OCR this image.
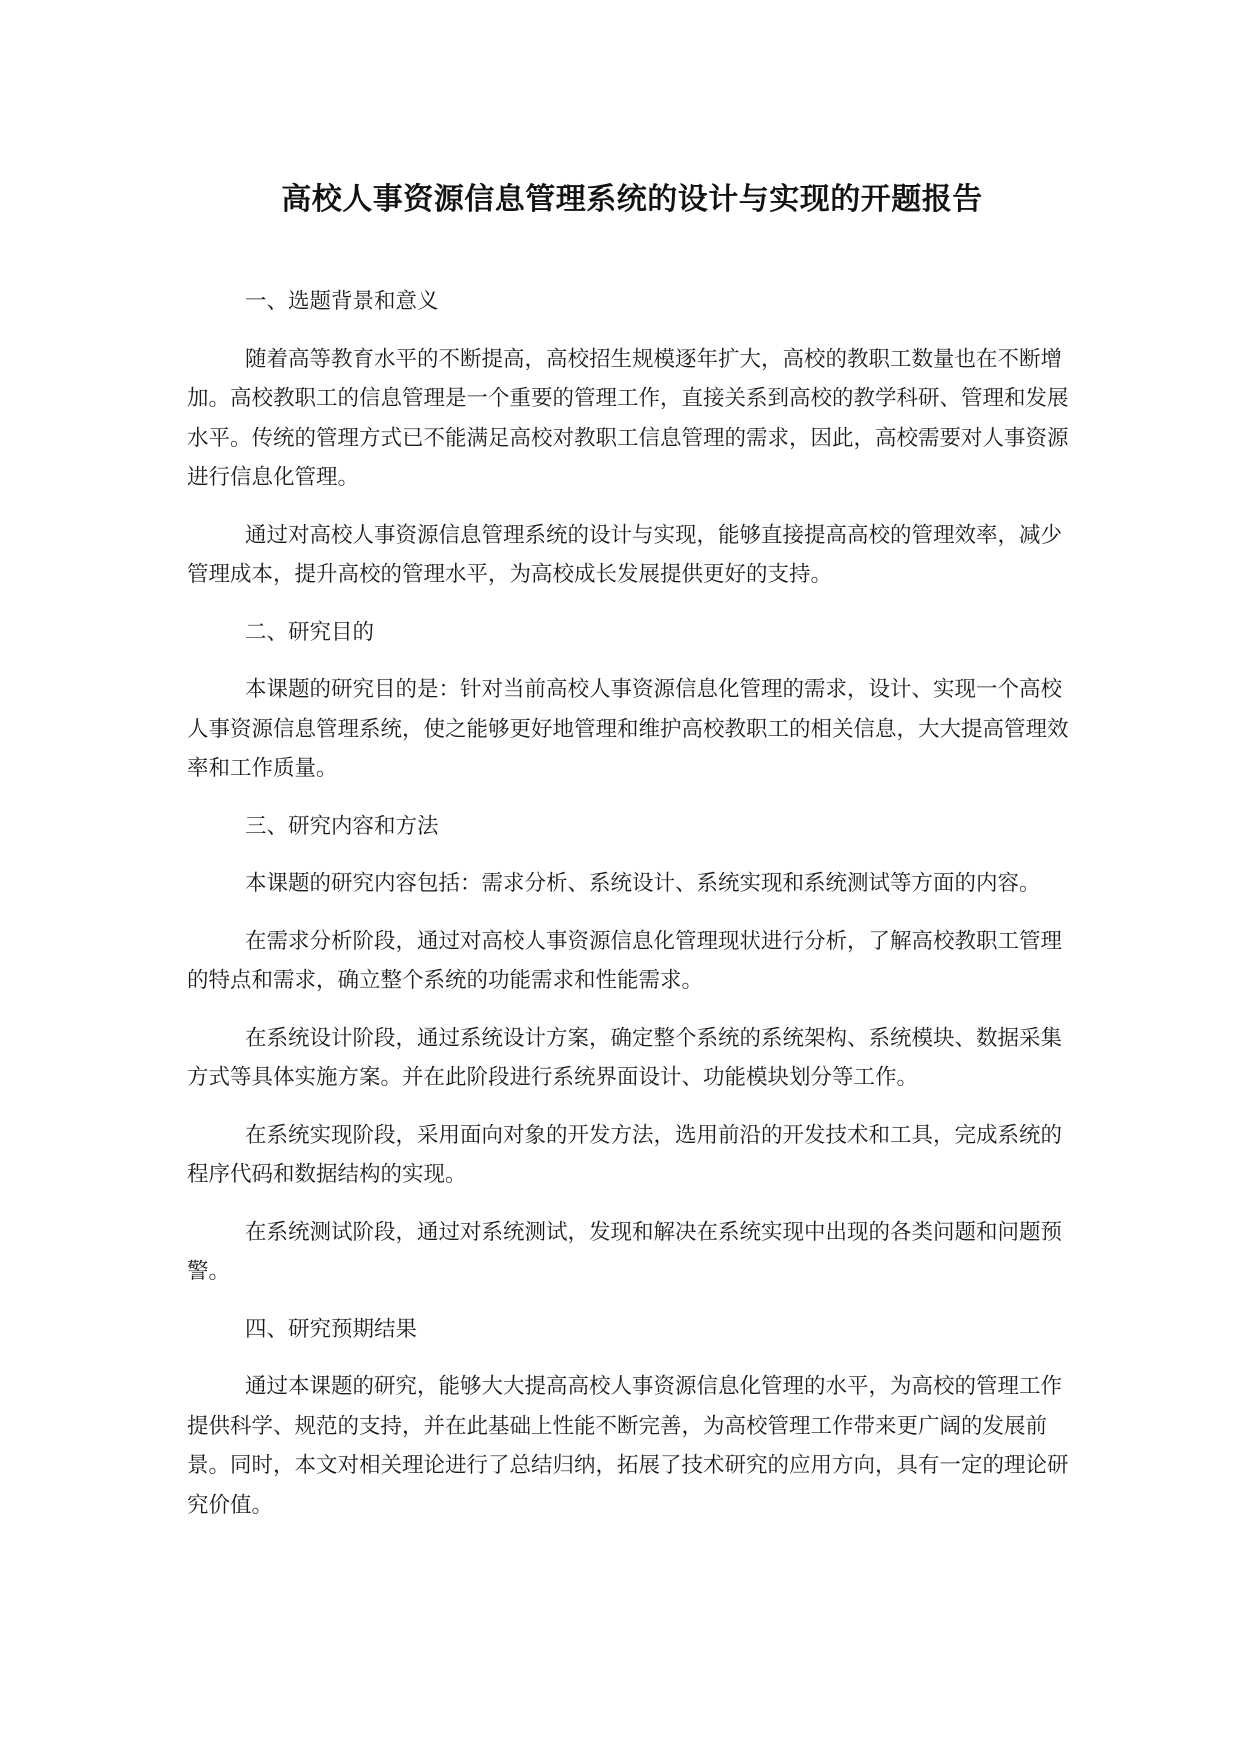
高校人事资源信息管理系统的设计与实现的开题报告

一、选题背景和意义

随着高等教育水平的不断提高，高校招生规模逐年扩大，高校的教职工数量也在不断增加。高校教职工的信息管理是一个重要的管理工作，直接关系到高校的教学科研、管理和发展水平。传统的管理方式已不能满足高校对教职工信息管理的需求，因此，高校需要对人事资源进行信息化管理。

通过对高校人事资源信息管理系统的设计与实现，能够直接提高高校的管理效率，减少管理成本，提升高校的管理水平，为高校成长发展提供更好的支持。

二、研究目的

本课题的研究目的是：针对当前高校人事资源信息化管理的需求，设计、实现一个高校人事资源信息管理系统，使之能够更好地管理和维护高校教职工的相关信息，大大提高管理效率和工作质量。

三、研究内容和方法

本课题的研究内容包括：需求分析、系统设计、系统实现和系统测试等方面的内容。

在需求分析阶段，通过对高校人事资源信息化管理现状进行分析，了解高校教职工管理的特点和需求，确立整个系统的功能需求和性能需求。

在系统设计阶段，通过系统设计方案，确定整个系统的系统架构、系统模块、数据采集方式等具体实施方案。并在此阶段进行系统界面设计、功能模块划分等工作。

在系统实现阶段，采用面向对象的开发方法，选用前沿的开发技术和工具，完成系统的程序代码和数据结构的实现。

在系统测试阶段，通过对系统测试，发现和解决在系统实现中出现的各类问题和问题预警。

四、研究预期结果

通过本课题的研究，能够大大提高高校人事资源信息化管理的水平，为高校的管理工作提供科学、规范的支持，并在此基础上性能不断完善，为高校管理工作带来更广阔的发展前景。同时，本文对相关理论进行了总结归纳，拓展了技术研究的应用方向，具有一定的理论研究价值。
